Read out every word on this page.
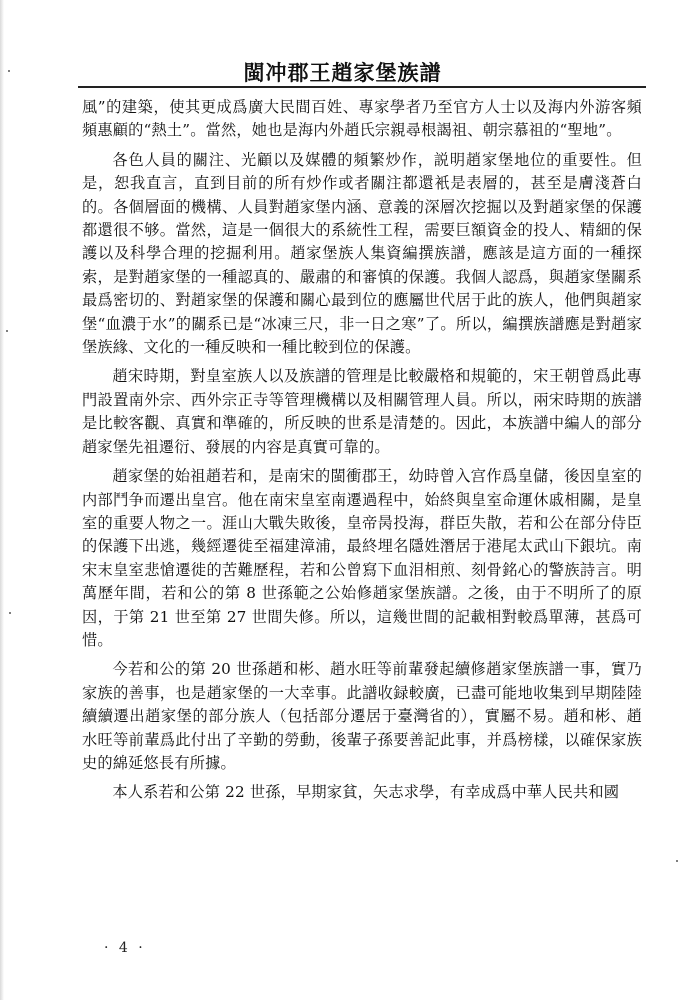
閩冲郡王趙家堡族譜

風”的建築，使其更成爲廣大民間百姓、專家學者乃至官方人士以及海内外游客頻頻惠顧的“熱土”。當然，她也是海内外趙氏宗親尋根謁祖、朝宗慕祖的“聖地”。

各色人員的關注、光顧以及媒體的頻繁炒作，説明趙家堡地位的重要性。但是，恕我直言，直到目前的所有炒作或者關注都還衹是表層的，甚至是膚淺蒼白的。各個層面的機構、人員對趙家堡内涵、意義的深層次挖掘以及對趙家堡的保護都還很不够。當然，這是一個很大的系統性工程，需要巨額資金的投人、精細的保護以及科學合理的挖掘利用。趙家堡族人集資編撰族譜，應該是這方面的一種探索，是對趙家堡的一種認真的、嚴肅的和審慎的保護。我個人認爲，與趙家堡關系最爲密切的、對趙家堡的保護和關心最到位的應屬世代居于此的族人，他們與趙家堡“血濃于水”的關系已是“冰凍三尺，非一日之寒”了。所以，編撰族譜應是對趙家堡族緣、文化的一種反映和一種比較到位的保護。

趙宋時期，對皇室族人以及族譜的管理是比較嚴格和規範的，宋王朝曾爲此專門設置南外宗、西外宗正寺等管理機構以及相關管理人員。所以，兩宋時期的族譜是比較客觀、真實和準確的，所反映的世系是清楚的。因此，本族譜中編人的部分趙家堡先祖遷衍、發展的内容是真實可靠的。

趙家堡的始祖趙若和，是南宋的閩衝郡王，幼時曾入宫作爲皇儲，後因皇室的内部鬥争而遷出皇宫。他在南宋皇室南遷過程中，始終與皇室命運休戚相關，是皇室的重要人物之一。涯山大戰失敗後，皇帝昺投海，群臣失散，若和公在部分侍臣的保護下出逃，幾經遷徙至福建漳浦，最終埋名隱姓潛居于港尾太武山下銀坑。南宋末皇室悲愴遷徙的苦難歷程，若和公曾寫下血泪相煎、刻骨銘心的警族詩言。明萬歷年間，若和公的第 8 世孫範之公始修趙家堡族譜。之後，由于不明所了的原因，于第 21 世至第 27 世間失修。所以，這幾世間的記載相對較爲單薄，甚爲可惜。

今若和公的第 20 世孫趙和彬、趙水旺等前輩發起續修趙家堡族譜一事，實乃家族的善事，也是趙家堡的一大幸事。此譜收録較廣，已盡可能地收集到早期陸陸續續遷出趙家堡的部分族人（包括部分遷居于臺灣省的），實屬不易。趙和彬、趙水旺等前輩爲此付出了辛勤的勞動，後輩子孫要善記此事，并爲榜樣，以確保家族史的綿延悠長有所據。

本人系若和公第 22 世孫，早期家貧，矢志求學，有幸成爲中華人民共和國

· 4 ·
